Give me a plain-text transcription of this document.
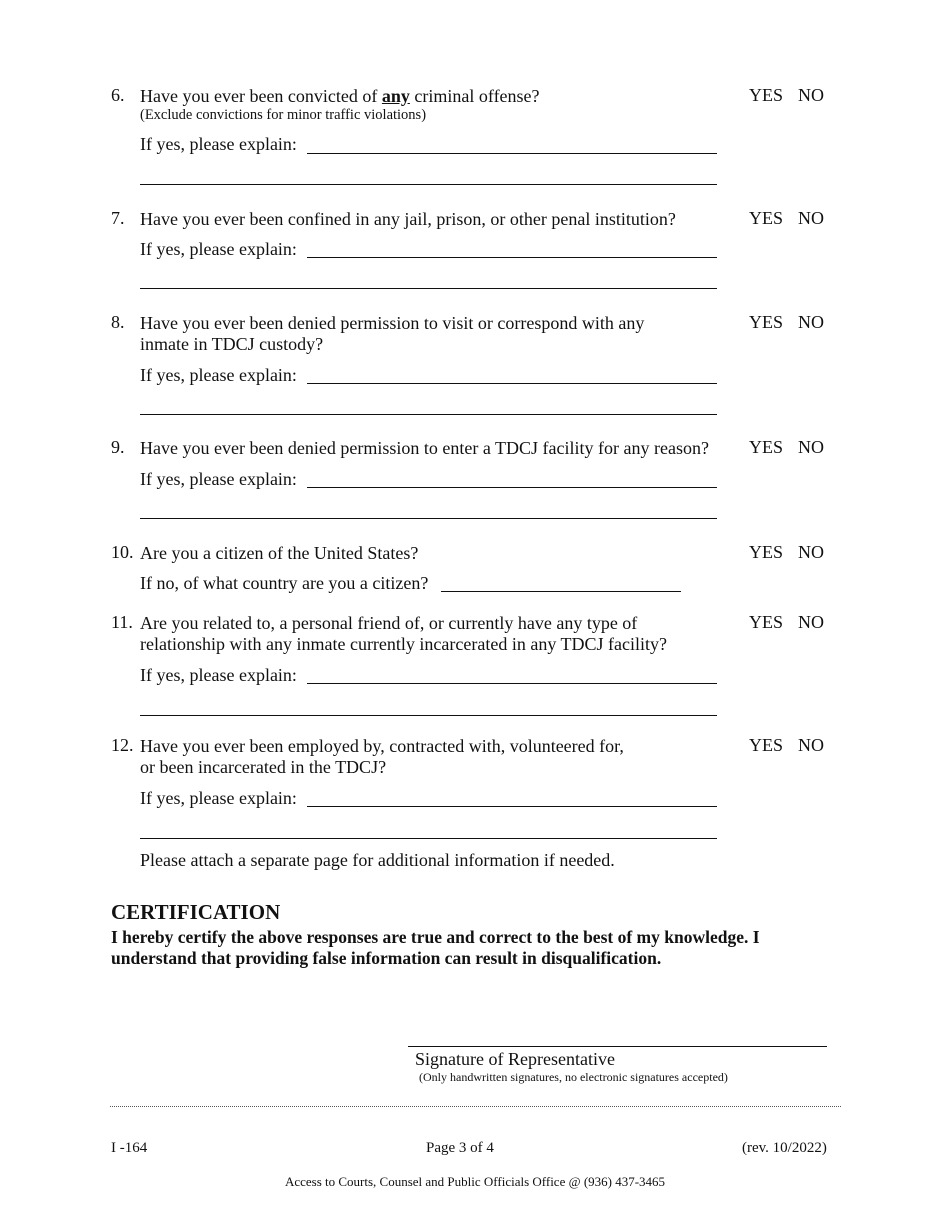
6. Have you ever been convicted of any criminal offense?
(Exclude convictions for minor traffic violations)
YES NO
If yes, please explain:
7. Have you ever been confined in any jail, prison, or other penal institution?	YES NO
If yes, please explain:
8. Have you ever been denied permission to visit or correspond with any
inmate in TDCJ custody?
YES NO
If yes, please explain:
9. Have you ever been denied permission to enter a TDCJ facility for any reason? YES NO
If yes, please explain:
10. Are you a citizen of the United States?	YES NO
If no, of what country are you a citizen?
11. Are you related to, a personal friend of, or currently have any type of
relationship with any inmate currently incarcerated in any TDCJ facility?
YES NO
If yes, please explain:
12. Have you ever been employed by, contracted with, volunteered for,
or been incarcerated in the TDCJ?
YES NO
If yes, please explain:
Please attach a separate page for additional information if needed.
CERTIFICATION
I hereby certify the above responses are true and correct to the best of my knowledge. I
understand that providing false information can result in disqualification.
Signature of Representative
(Only handwritten signatures, no electronic signatures accepted)
I -164	Page 3 of 4	(rev. 10/2022)
Access to Courts, Counsel and Public Officials Office @ (936) 437-3465
